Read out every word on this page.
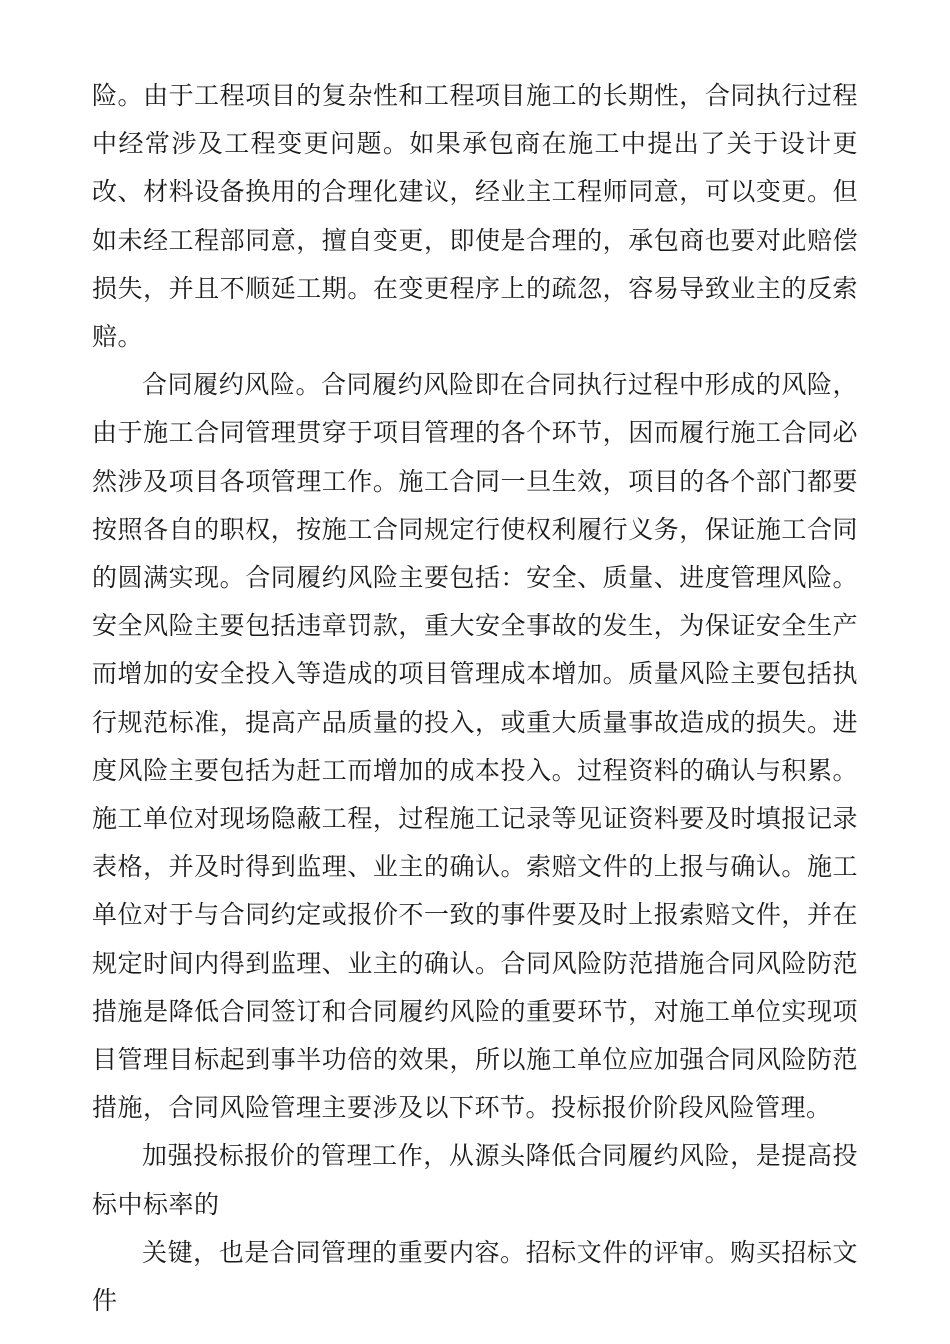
险。由于工程项目的复杂性和工程项目施工的长期性，合同执行过程中经常涉及工程变更问题。如果承包商在施工中提出了关于设计更改、材料设备换用的合理化建议，经业主工程师同意，可以变更。但如未经工程部同意，擅自变更，即使是合理的，承包商也要对此赔偿损失，并且不顺延工期。在变更程序上的疏忽，容易导致业主的反索赔。

合同履约风险。合同履约风险即在合同执行过程中形成的风险，由于施工合同管理贯穿于项目管理的各个环节，因而履行施工合同必然涉及项目各项管理工作。施工合同一旦生效，项目的各个部门都要按照各自的职权，按施工合同规定行使权利履行义务，保证施工合同的圆满实现。合同履约风险主要包括：安全、质量、进度管理风险。安全风险主要包括违章罚款，重大安全事故的发生，为保证安全生产而增加的安全投入等造成的项目管理成本增加。质量风险主要包括执行规范标准，提高产品质量的投入，或重大质量事故造成的损失。进度风险主要包括为赶工而增加的成本投入。过程资料的确认与积累。施工单位对现场隐蔽工程，过程施工记录等见证资料要及时填报记录表格，并及时得到监理、业主的确认。索赔文件的上报与确认。施工单位对于与合同约定或报价不一致的事件要及时上报索赔文件，并在规定时间内得到监理、业主的确认。合同风险防范措施合同风险防范措施是降低合同签订和合同履约风险的重要环节，对施工单位实现项目管理目标起到事半功倍的效果，所以施工单位应加强合同风险防范措施，合同风险管理主要涉及以下环节。投标报价阶段风险管理。

加强投标报价的管理工作，从源头降低合同履约风险，是提高投标中标率的

关键，也是合同管理的重要内容。招标文件的评审。购买招标文件
